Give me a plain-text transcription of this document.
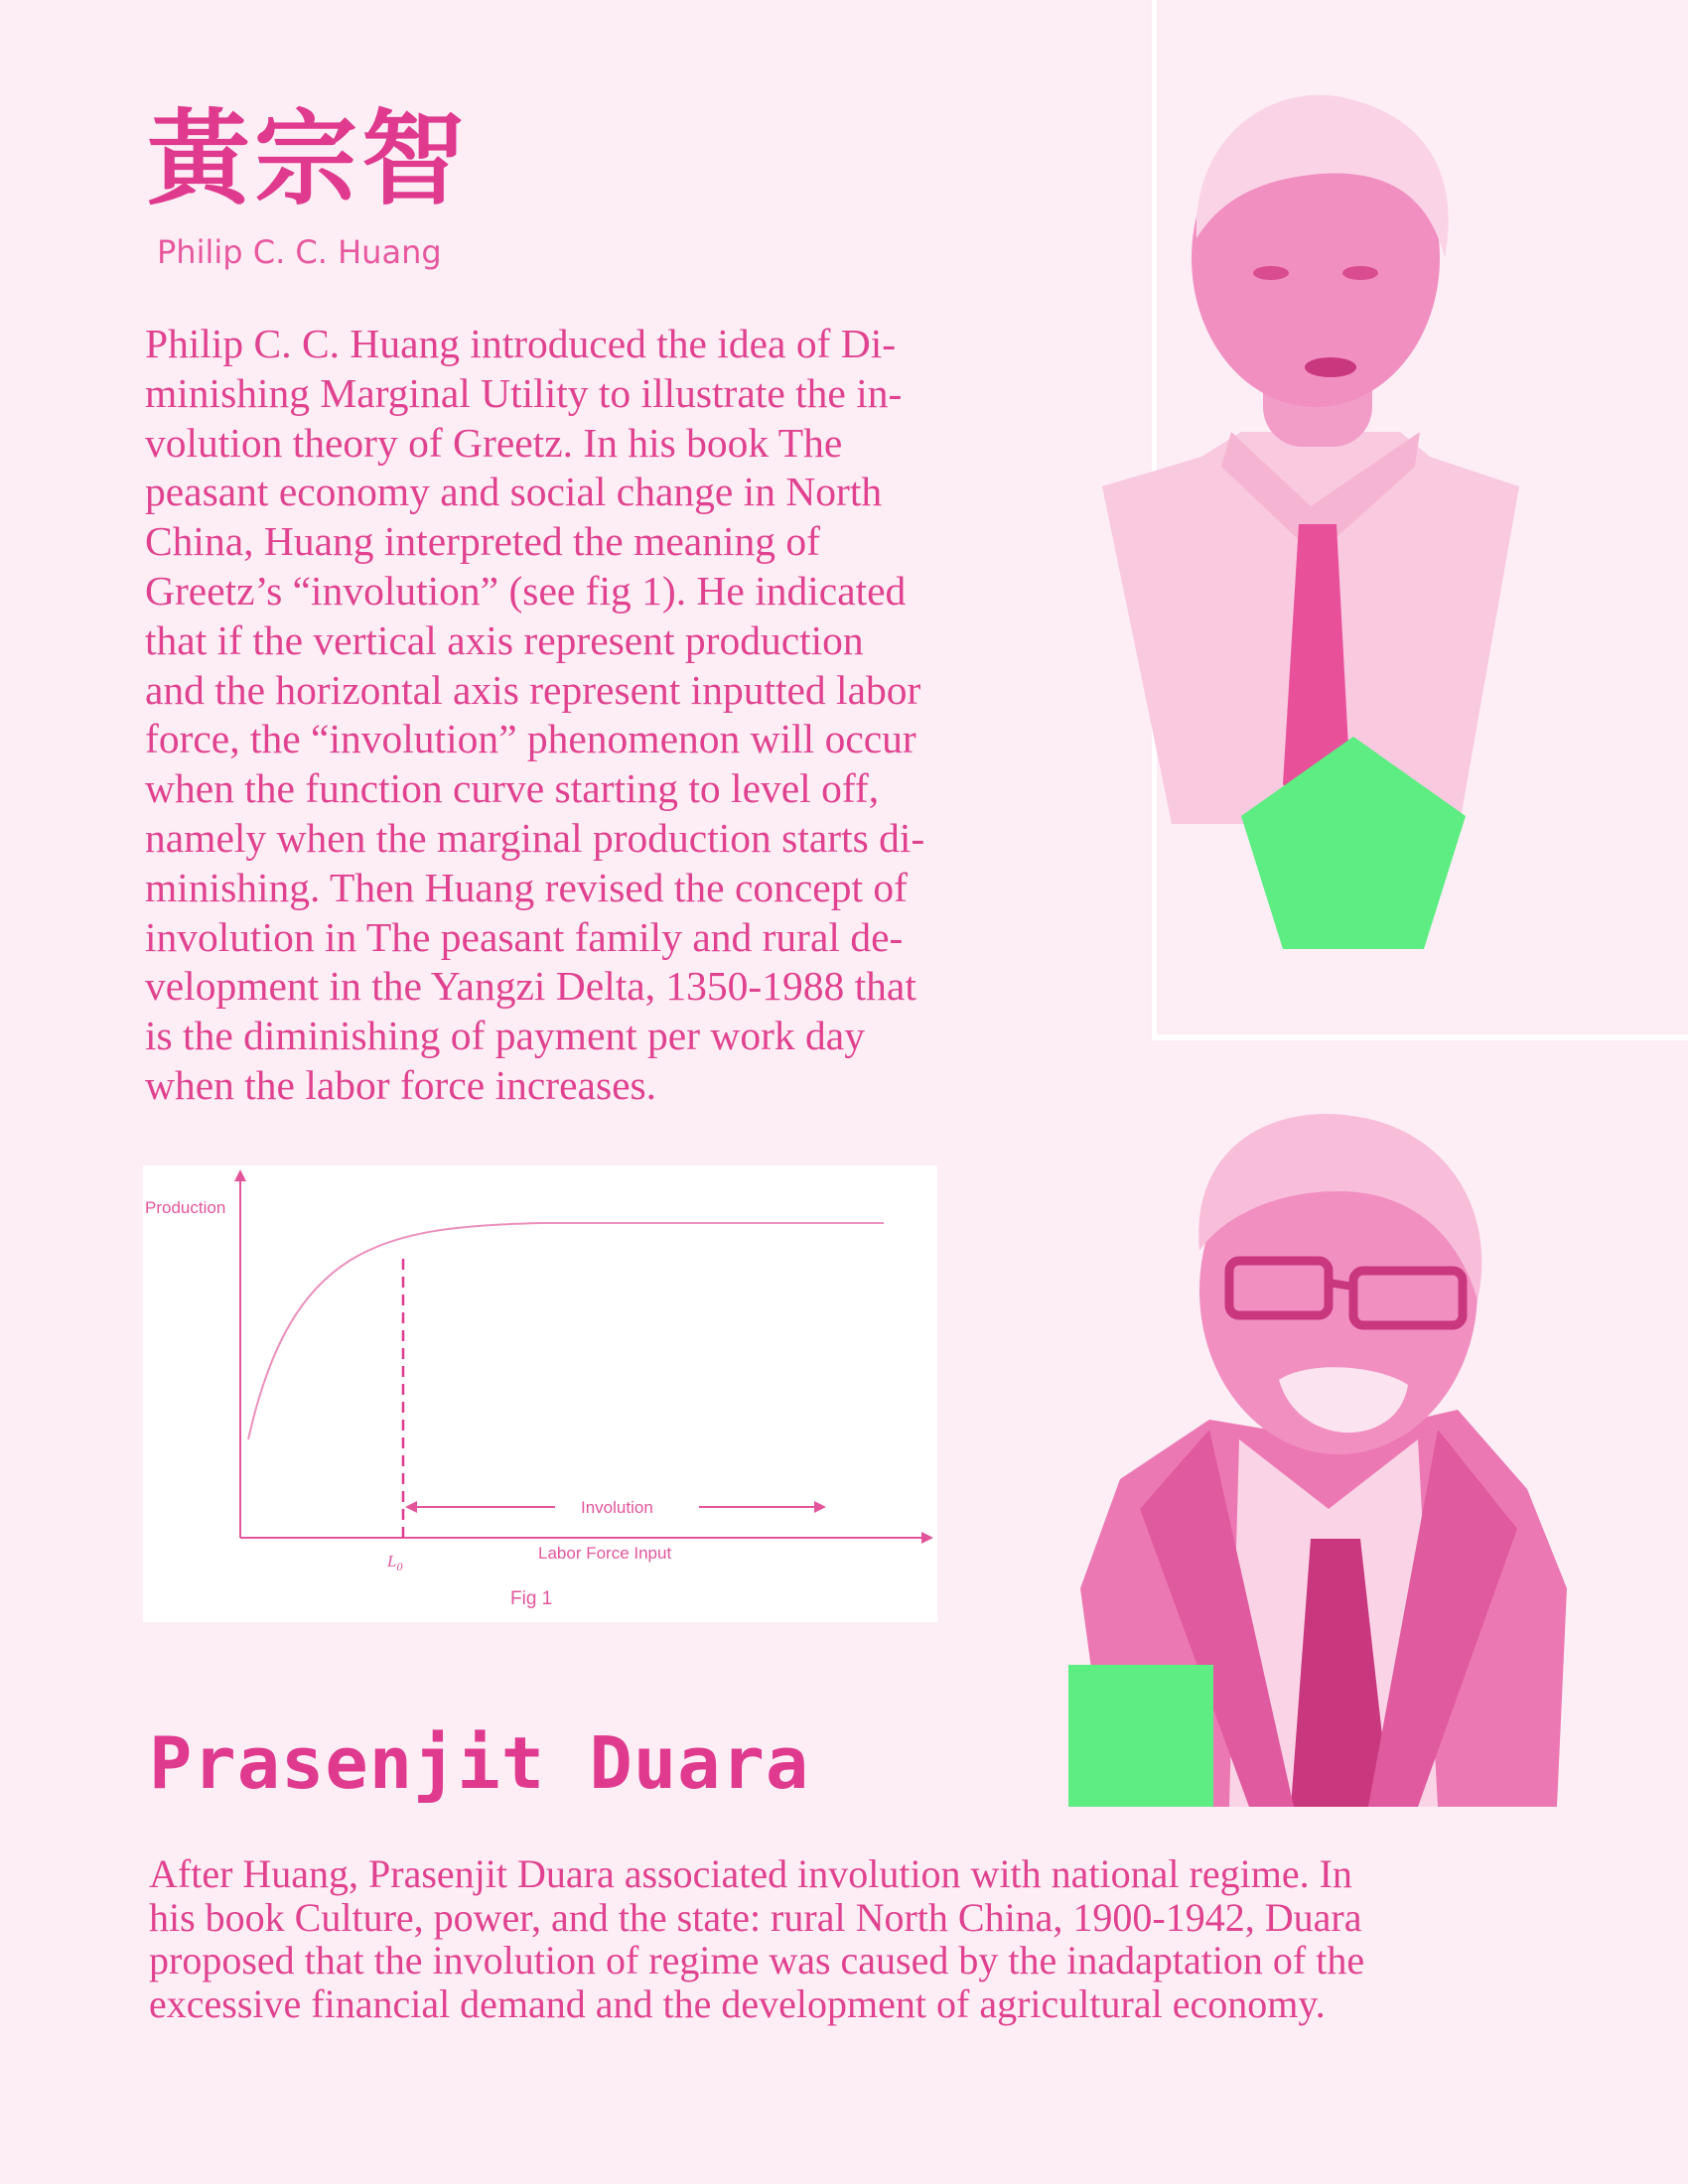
黃宗智
Philip C. C. Huang

Philip C. C. Huang introduced the idea of Di-
minishing Marginal Utility to illustrate the in-
volution theory of Greetz. In his book The
peasant economy and social change in North
China, Huang interpreted the meaning of
Greetz’s “involution” (see fig 1). He indicated
that if the vertical axis represent production
and the horizontal axis represent inputted labor
force, the “involution” phenomenon will occur
when the function curve starting to level off,
namely when the marginal production starts di-
minishing. Then Huang revised the concept of
involution in The peasant family and rural de-
velopment in the Yangzi Delta, 1350-1988 that
is the diminishing of payment per work day
when the labor force increases.

Production
Involution
Labor Force Input
$L_0$
Fig 1
Prasenjit Duara

After Huang, Prasenjit Duara associated involution with national regime. In
his book Culture, power, and the state: rural North China, 1900-1942, Duara
proposed that the involution of regime was caused by the inadaptation of the
excessive financial demand and the development of agricultural economy.
